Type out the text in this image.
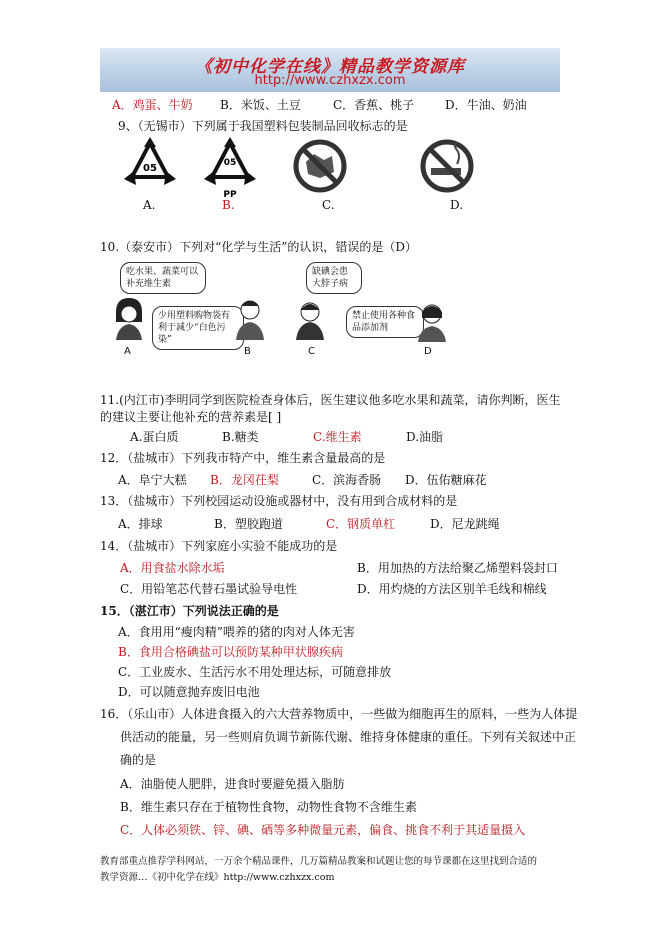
《初中化学在线》精品教学资源库
http://www.czhxzx.com
A．鸡蛋、牛奶 B．米饭、土豆	C．香蕉、桃子	D．牛油、奶油
9、（无锡市）下列属于我国塑料包装制品回收标志的是
05	05
PP
A.	B.	C.	D.
10.（泰安市）下列对“化学与生活”的认识，错误的是（D）
吃水果、蔬菜可以补充维生素
少用塑料购物袋有利于减少“白色污染”
缺碘会患大脖子病
禁止使用各种食品添加剂
A	B	C	D
11.(内江市)李明同学到医院检查身体后，医生建议他多吃水果和蔬菜，请你判断，医生
的建议主要让他补充的营养素是[ ]
A.蛋白质	B.糖类	C.维生素	D.油脂
12．（盐城市）下列我市特产中，维生素含量最高的是
A．阜宁大糕 B．龙冈茌梨	C．滨海香肠 D．伍佑糖麻花
13．（盐城市）下列校园运动设施或器材中，没有用到合成材料的是
A．排球	B．塑胶跑道	C．钢质单杠	D．尼龙跳绳
14．（盐城市）下列家庭小实验不能成功的是
A．用食盐水除水垢	B．用加热的方法给聚乙烯塑料袋封口
C．用铅笔芯代替石墨试验导电性	D．用灼烧的方法区别羊毛线和棉线
15．（湛江市）下列说法正确的是
A．食用用“瘦肉精”喂养的猪的肉对人体无害
B．食用合格碘盐可以预防某种甲状腺疾病
C．工业废水、生活污水不用处理达标，可随意排放
D．可以随意抛弃废旧电池
16．（乐山市）人体进食摄入的六大营养物质中，一些做为细胞再生的原料，一些为人体提
供活动的能量，另一些则肩负调节新陈代谢、维持身体健康的重任。下列有关叙述中正
确的是
A．油脂使人肥胖，进食时要避免摄入脂肪
B．维生素只存在于植物性食物，动物性食物不含维生素
C．人体必须铁、锌、碘、硒等多种微量元素，偏食、挑食不利于其适量摄入
教育部重点推荐学科网站，一万余个精品课件，几万篇精品教案和试题让您的每节课都在这里找到合适的
教学资源…《初中化学在线》http://www.czhxzx.com
